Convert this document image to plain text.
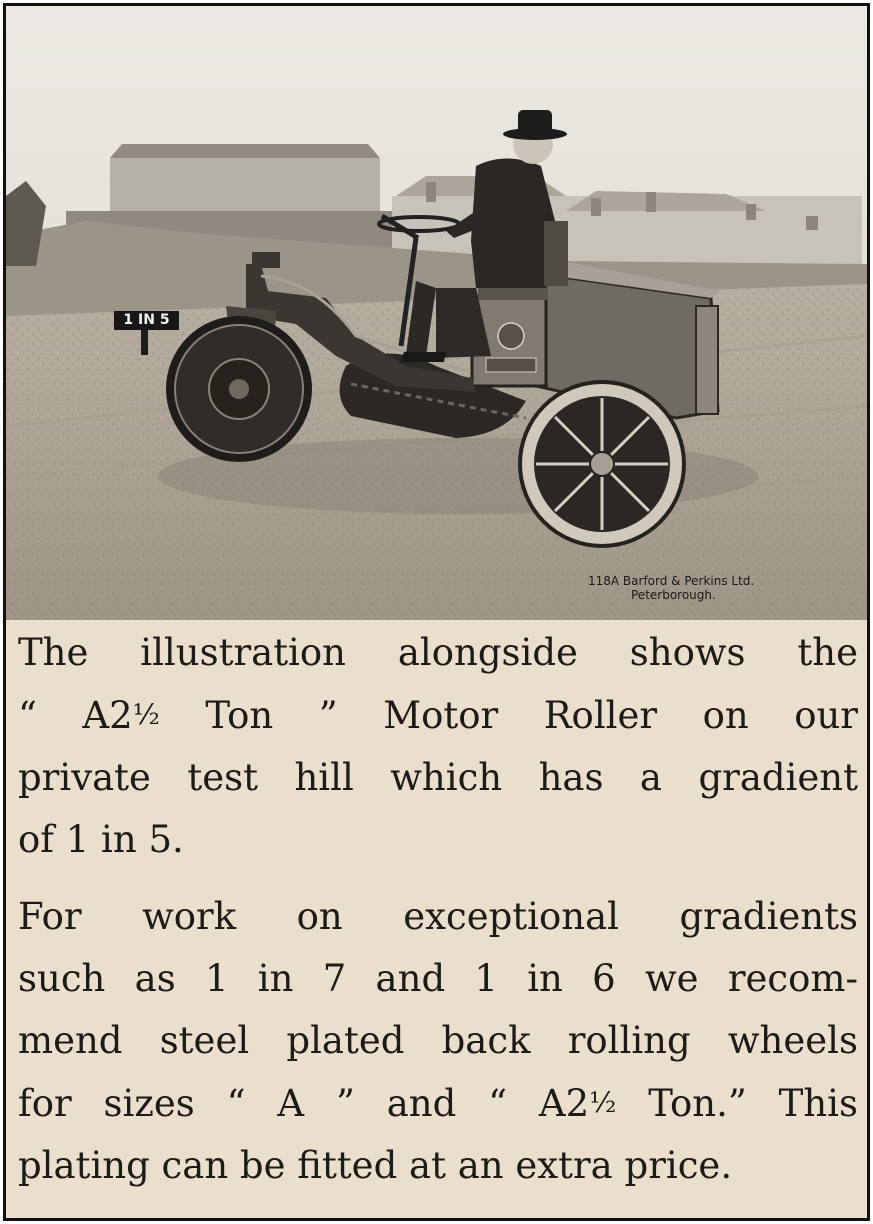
1 IN 5
118A Barford & Perkins Ltd.
Peterborough.
The illustration alongside shows the
“ A2½ Ton ” Motor Roller on our
private test hill which has a gradient
of 1 in 5.
For work on exceptional gradients
such as 1 in 7 and 1 in 6 we recom-
mend steel plated back rolling wheels
for sizes “ A ” and “ A2½ Ton.” This
plating can be fitted at an extra price.
